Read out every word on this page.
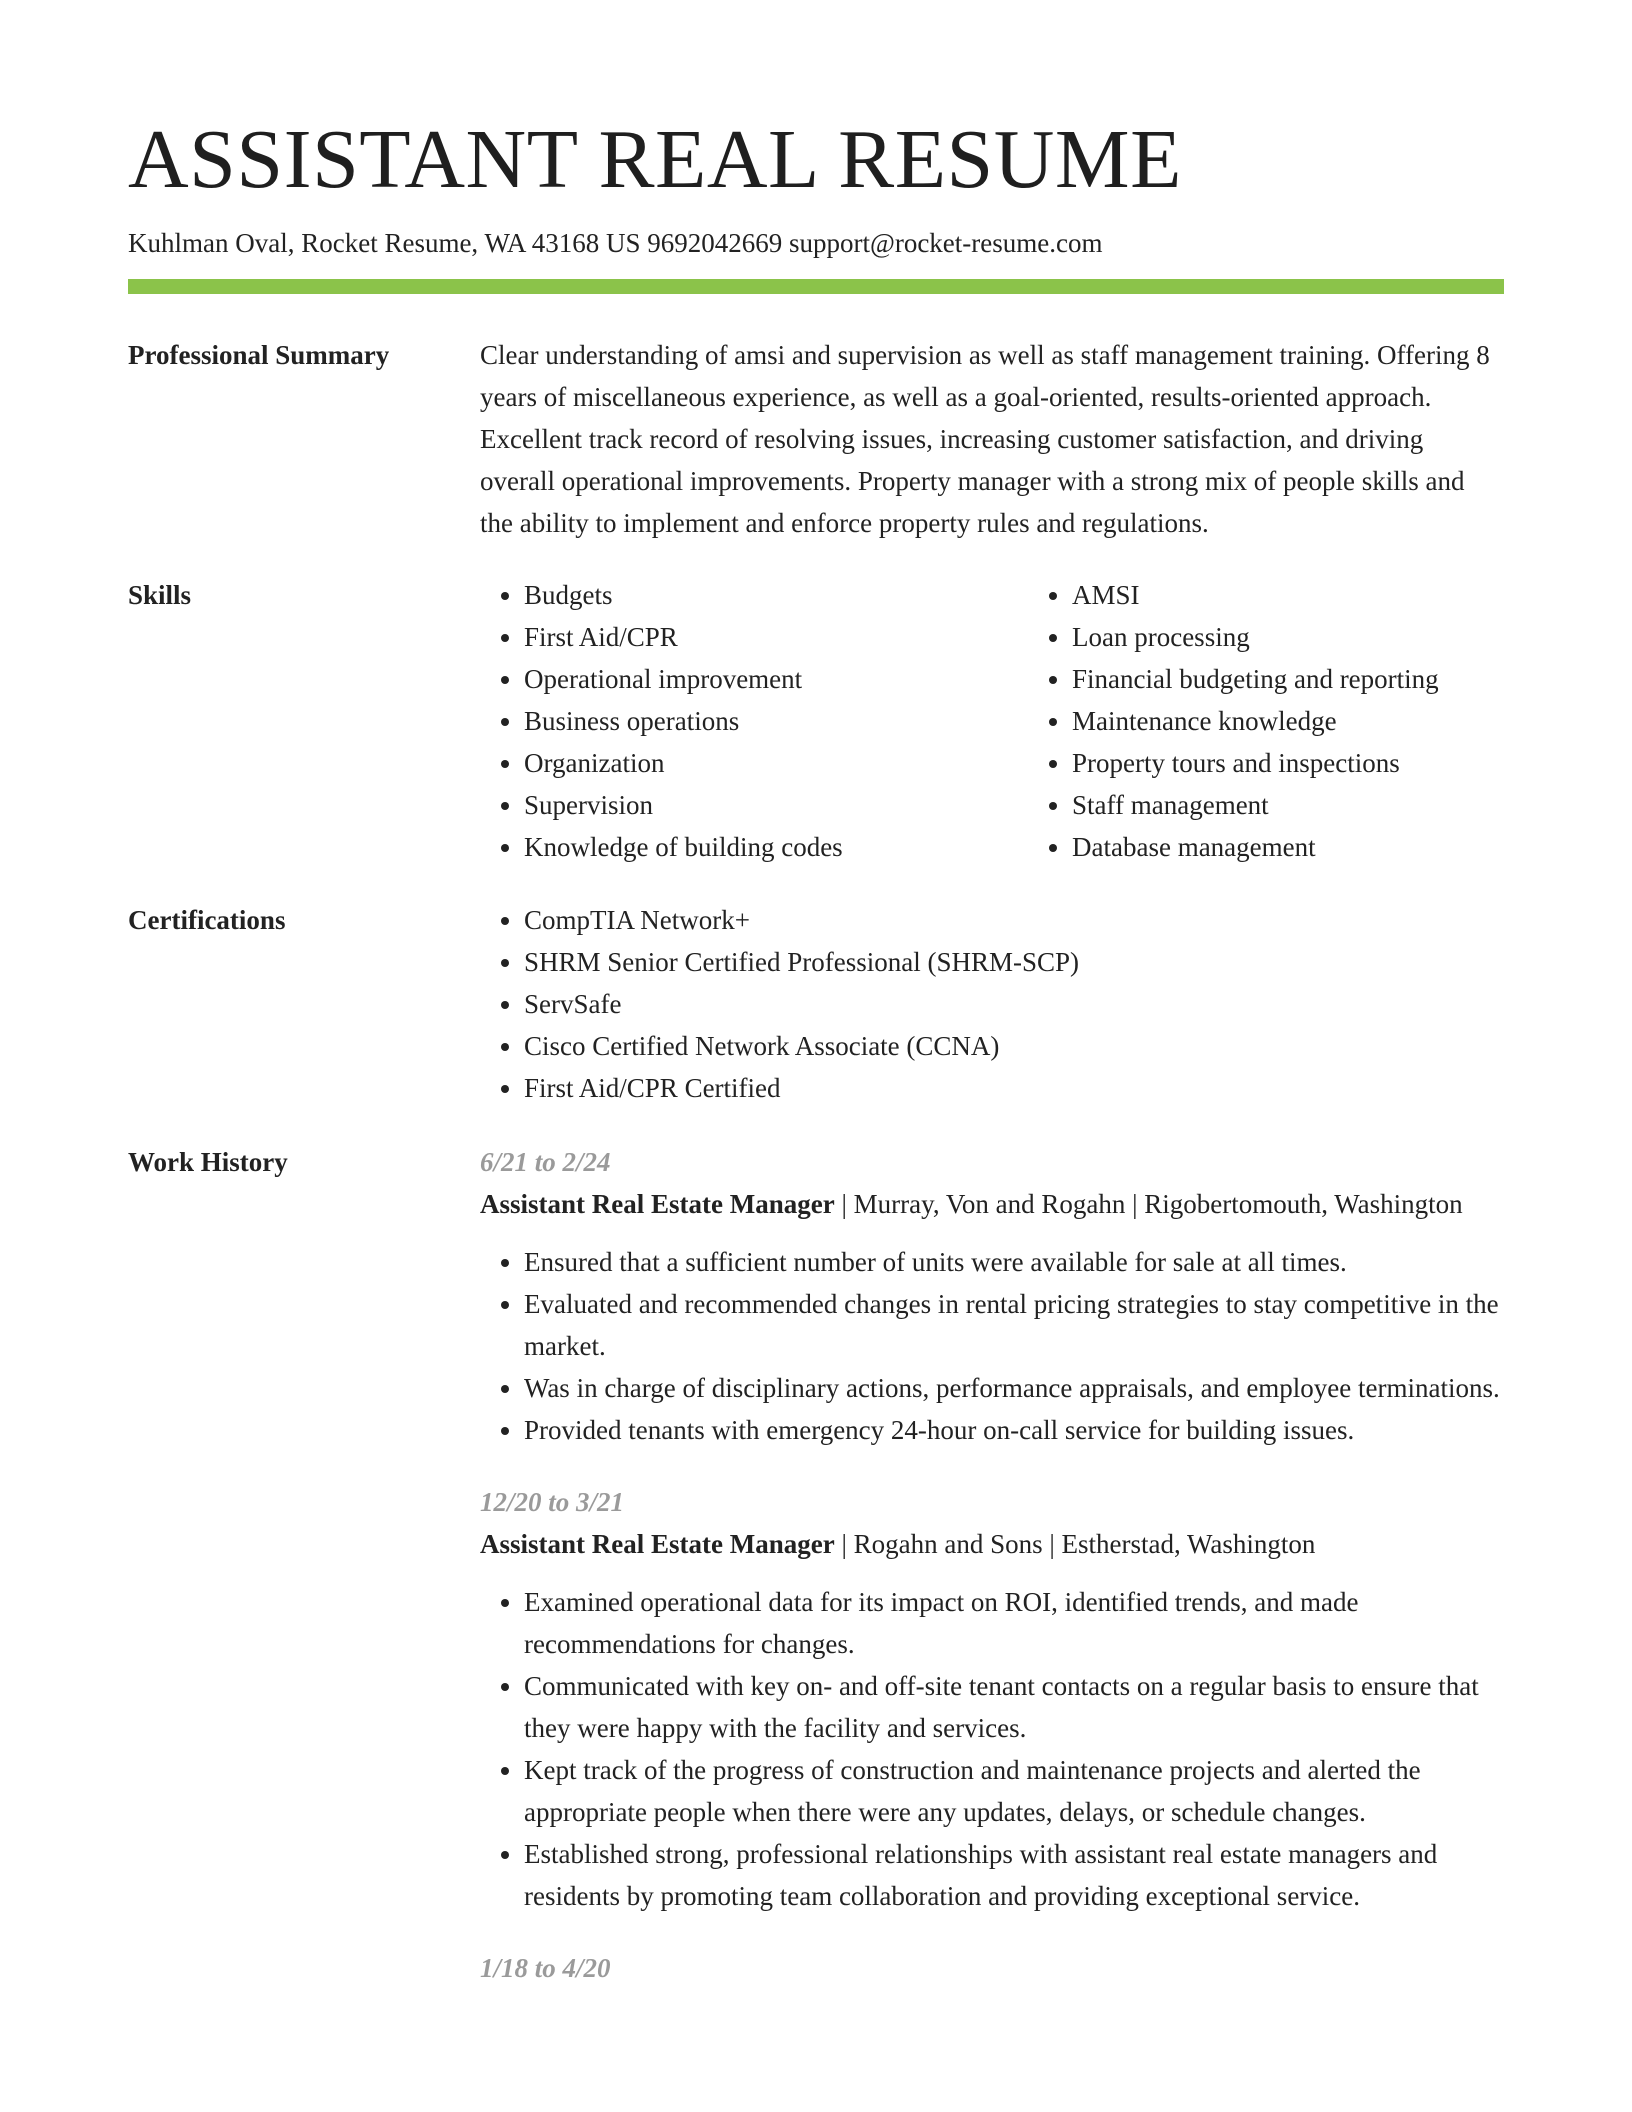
ASSISTANT REAL RESUME
Kuhlman Oval, Rocket Resume, WA 43168 US 9692042669 support@rocket-resume.com
Professional Summary	Clear understanding of amsi and supervision as well as staff management training. Offering 8 years of miscellaneous experience, as well as a goal-oriented, results-oriented approach. Excellent track record of resolving issues, increasing customer satisfaction, and driving overall operational improvements. Property manager with a strong mix of people skills and the ability to implement and enforce property rules and regulations.
Skills	• Budgets
• First Aid/CPR
• Operational improvement
• Business operations
• Organization
• Supervision
• Knowledge of building codes
• AMSI
• Loan processing
• Financial budgeting and reporting
• Maintenance knowledge
• Property tours and inspections
• Staff management
• Database management
Certifications	• CompTIA Network+
• SHRM Senior Certified Professional (SHRM-SCP)
• ServSafe
• Cisco Certified Network Associate (CCNA)
• First Aid/CPR Certified
Work History	6/21 to 2/24
Assistant Real Estate Manager | Murray, Von and Rogahn | Rigobertomouth, Washington
• Ensured that a sufficient number of units were available for sale at all times.
• Evaluated and recommended changes in rental pricing strategies to stay competitive in the market.
• Was in charge of disciplinary actions, performance appraisals, and employee terminations.
• Provided tenants with emergency 24-hour on-call service for building issues.
12/20 to 3/21
Assistant Real Estate Manager | Rogahn and Sons | Estherstad, Washington
• Examined operational data for its impact on ROI, identified trends, and made recommendations for changes.
• Communicated with key on- and off-site tenant contacts on a regular basis to ensure that they were happy with the facility and services.
• Kept track of the progress of construction and maintenance projects and alerted the appropriate people when there were any updates, delays, or schedule changes.
• Established strong, professional relationships with assistant real estate managers and residents by promoting team collaboration and providing exceptional service.
1/18 to 4/20
